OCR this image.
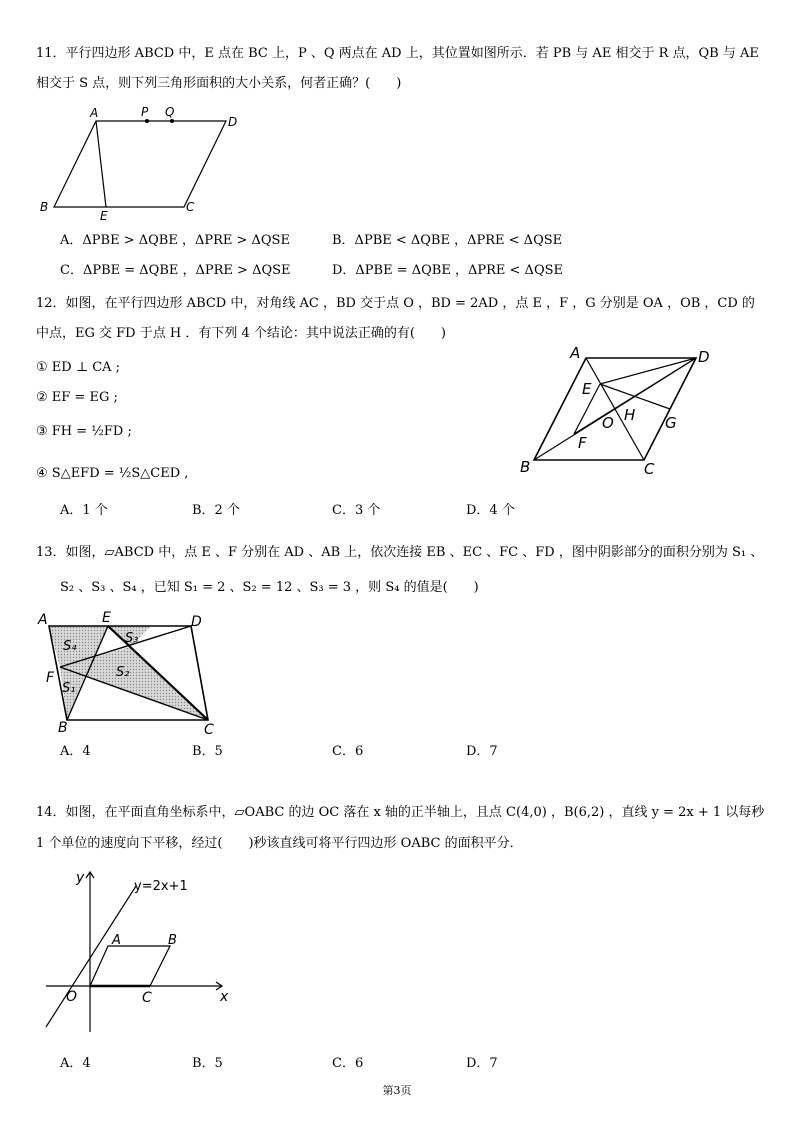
11．平行四边形 ABCD 中，E 点在 BC 上，P 、Q 两点在 AD 上，其位置如图所示．若 PB 与 AE 相交于 R 点，QB 与 AE
相交于 S 点，则下列三角形面积的大小关系，何者正确？(　　)
A	P Q
D
B
E
C
A．ΔPBE > ΔQBE ，ΔPRE > ΔQSE	B．ΔPBE < ΔQBE ，ΔPRE < ΔQSE
C．ΔPBE = ΔQBE ，ΔPRE > ΔQSE	D．ΔPBE = ΔQBE ，ΔPRE < ΔQSE
12．如图，在平行四边形 ABCD 中，对角线 AC ，BD 交于点 O ，BD = 2AD ，点 E ，F ，G 分别是 OA ，OB ，CD 的
中点，EG 交 FD 于点 H ．有下列 4 个结论：其中说法正确的有(　　)
① ED ⊥ CA ;
② EF = EG ;
③ FH = ½FD ;
④ S△EFD = ½S△CED ,
A	D
E
O H G
F
B	C
A．1 个	B．2 个	C．3 个	D．4 个
13．如图，▱ABCD 中，点 E 、F 分别在 AD 、AB 上，依次连接 EB 、EC 、FC 、FD ，图中阴影部分的面积分别为 S₁ 、
S₂ 、S₃ 、S₄ ，已知 S₁ = 2 、S₂ = 12 、S₃ = 3 ，则 S₄ 的值是(　　)
A	E	D
F
B	C
S₁
S₂
S₃
S₄
A．4	B．5	C．6	D．7
14．如图，在平面直角坐标系中，▱OABC 的边 OC 落在 x 轴的正半轴上，且点 C(4,0) ，B(6,2) ，直线 y = 2x + 1 以每秒
1 个单位的速度向下平移，经过(　　)秒该直线可将平行四边形 OABC 的面积平分．
y
y=2x+1
A	B
O	C	x
A．4	B．5	C．6	D．7
第3页
